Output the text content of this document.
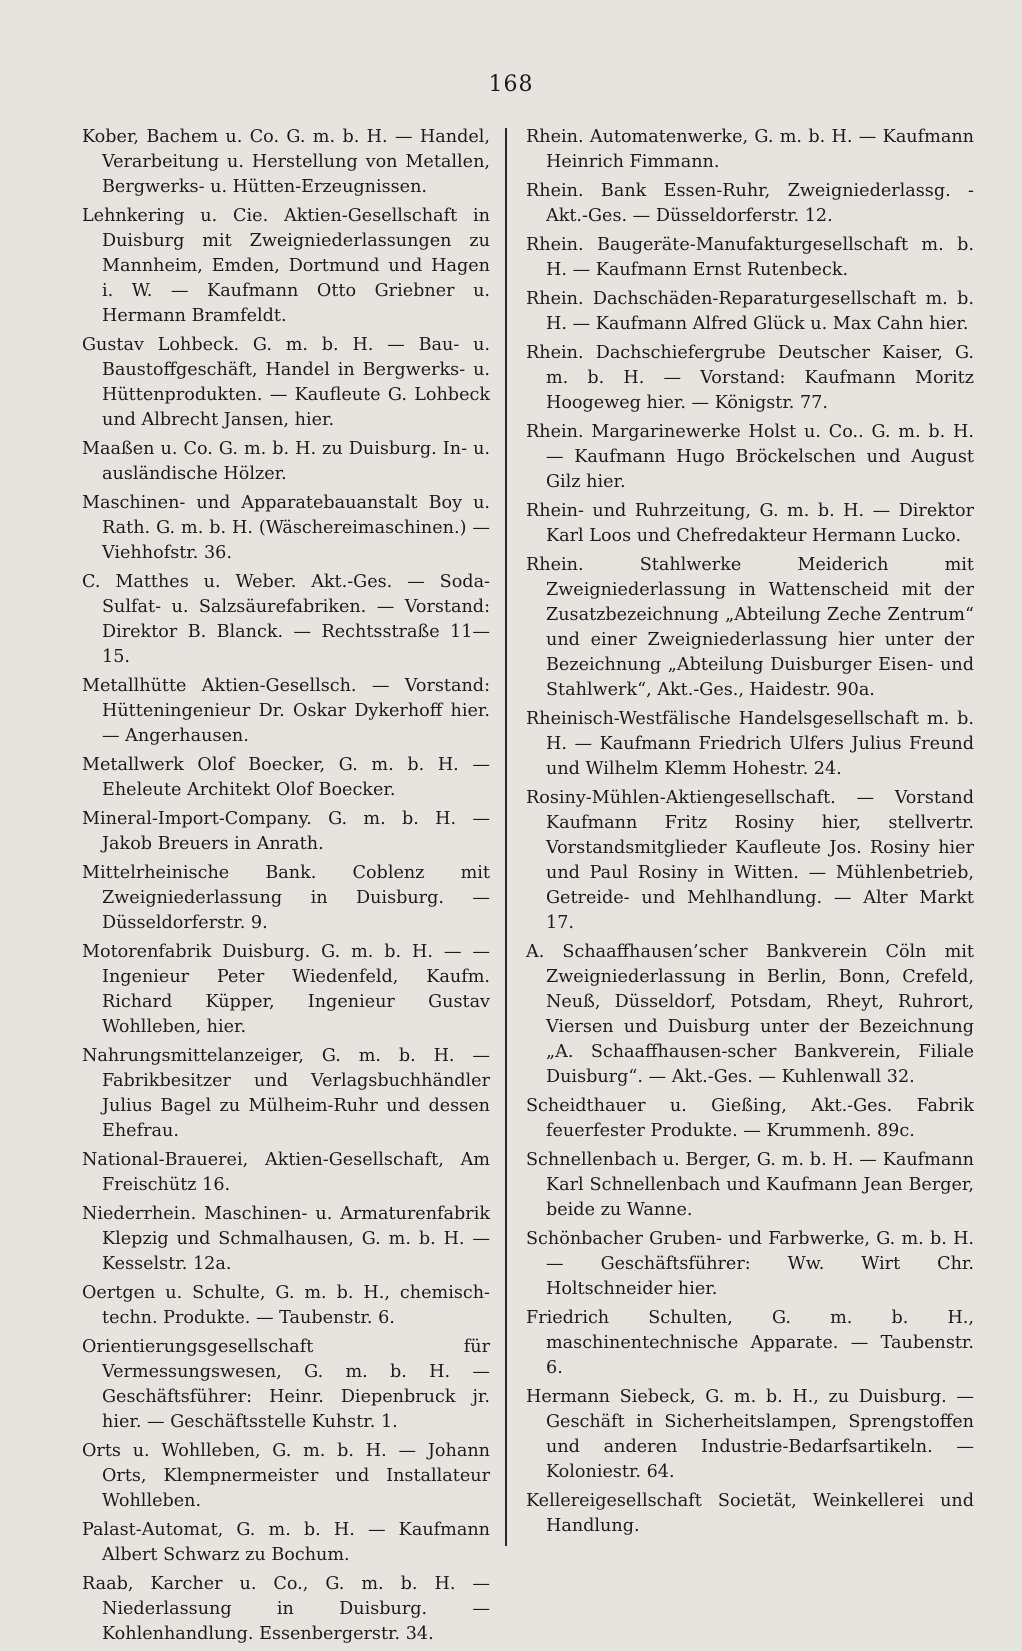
168

Kober, Bachem u. Co. G. m. b. H. — Handel, Verarbeitung u. Herstellung von Metallen, Bergwerks- u. Hütten-Erzeugnissen.

Lehnkering u. Cie. Aktien-Gesellschaft in Duisburg mit Zweigniederlassungen zu Mannheim, Emden, Dortmund und Hagen i. W. — Kaufmann Otto Griebner u. Hermann Bramfeldt.

Gustav Lohbeck. G. m. b. H. — Bau- u. Baustoffgeschäft, Handel in Bergwerks- u. Hüttenprodukten. — Kaufleute G. Lohbeck und Albrecht Jansen, hier.

Maaßen u. Co. G. m. b. H. zu Duisburg. In- u. ausländische Hölzer.

Maschinen- und Apparatebauanstalt Boy u. Rath. G. m. b. H. (Wäschereimaschinen.) — Viehhofstr. 36.

C. Matthes u. Weber. Akt.-Ges. — Soda-Sulfat- u. Salzsäurefabriken. — Vorstand: Direktor B. Blanck. — Rechtsstraße 11—15.

Metallhütte Aktien-Gesellsch. — Vorstand: Hütteningenieur Dr. Oskar Dykerhoff hier. — Angerhausen.

Metallwerk Olof Boecker, G. m. b. H. — Eheleute Architekt Olof Boecker.

Mineral-Import-Company. G. m. b. H. — Jakob Breuers in Anrath.

Mittelrheinische Bank. Coblenz mit Zweigniederlassung in Duisburg. — Düsseldorferstr. 9.

Motorenfabrik Duisburg. G. m. b. H. — — Ingenieur Peter Wiedenfeld, Kaufm. Richard Küpper, Ingenieur Gustav Wohlleben, hier.

Nahrungsmittelanzeiger, G. m. b. H. — Fabrikbesitzer und Verlagsbuchhändler Julius Bagel zu Mülheim-Ruhr und dessen Ehefrau.

National-Brauerei, Aktien-Gesellschaft, Am Freischütz 16.

Niederrhein. Maschinen- u. Armaturenfabrik Klepzig und Schmalhausen, G. m. b. H. — Kesselstr. 12a.

Oertgen u. Schulte, G. m. b. H., chemisch-techn. Produkte. — Taubenstr. 6.

Orientierungsgesellschaft für Vermessungswesen, G. m. b. H. — Geschäftsführer: Heinr. Diepenbruck jr. hier. — Geschäftsstelle Kuhstr. 1.

Orts u. Wohlleben, G. m. b. H. — Johann Orts, Klempnermeister und Installateur Wohlleben.

Palast-Automat, G. m. b. H. — Kaufmann Albert Schwarz zu Bochum.

Raab, Karcher u. Co., G. m. b. H. — Niederlassung in Duisburg. — Kohlenhandlung. Essenbergerstr. 34.

Rhein. Automatenwerke, G. m. b. H. — Kaufmann Heinrich Fimmann.

Rhein. Bank Essen-Ruhr, Zweigniederlassg. - Akt.-Ges. — Düsseldorferstr. 12.

Rhein. Baugeräte-Manufakturgesellschaft m. b. H. — Kaufmann Ernst Rutenbeck.

Rhein. Dachschäden-Reparaturgesellschaft m. b. H. — Kaufmann Alfred Glück u. Max Cahn hier.

Rhein. Dachschiefergrube Deutscher Kaiser, G. m. b. H. — Vorstand: Kaufmann Moritz Hoogeweg hier. — Königstr. 77.

Rhein. Margarinewerke Holst u. Co.. G. m. b. H. — Kaufmann Hugo Bröckelschen und August Gilz hier.

Rhein- und Ruhrzeitung, G. m. b. H. — Direktor Karl Loos und Chefredakteur Hermann Lucko.

Rhein. Stahlwerke Meiderich mit Zweigniederlassung in Wattenscheid mit der Zusatzbezeichnung „Abteilung Zeche Zentrum“ und einer Zweigniederlassung hier unter der Bezeichnung „Abteilung Duisburger Eisen- und Stahlwerk“, Akt.-Ges., Haidestr. 90a.

Rheinisch-Westfälische Handelsgesellschaft m. b. H. — Kaufmann Friedrich Ulfers Julius Freund und Wilhelm Klemm Hohestr. 24.

Rosiny-Mühlen-Aktiengesellschaft. — Vorstand Kaufmann Fritz Rosiny hier, stellvertr. Vorstandsmitglieder Kaufleute Jos. Rosiny hier und Paul Rosiny in Witten. — Mühlenbetrieb, Getreide- und Mehlhandlung. — Alter Markt 17.

A. Schaaffhausen’scher Bankverein Cöln mit Zweigniederlassung in Berlin, Bonn, Crefeld, Neuß, Düsseldorf, Potsdam, Rheyt, Ruhrort, Viersen und Duisburg unter der Bezeichnung „A. Schaaffhausen-scher Bankverein, Filiale Duisburg“. — Akt.-Ges. — Kuhlenwall 32.

Scheidthauer u. Gießing, Akt.-Ges. Fabrik feuerfester Produkte. — Krummenh. 89c.

Schnellenbach u. Berger, G. m. b. H. — Kaufmann Karl Schnellenbach und Kaufmann Jean Berger, beide zu Wanne.

Schönbacher Gruben- und Farbwerke, G. m. b. H. — Geschäftsführer: Ww. Wirt Chr. Holtschneider hier.

Friedrich Schulten, G. m. b. H., maschinentechnische Apparate. — Taubenstr. 6.

Hermann Siebeck, G. m. b. H., zu Duisburg. — Geschäft in Sicherheitslampen, Sprengstoffen und anderen Industrie-Bedarfsartikeln. — Koloniestr. 64.

Kellereigesellschaft Societät, Weinkellerei und Handlung.
